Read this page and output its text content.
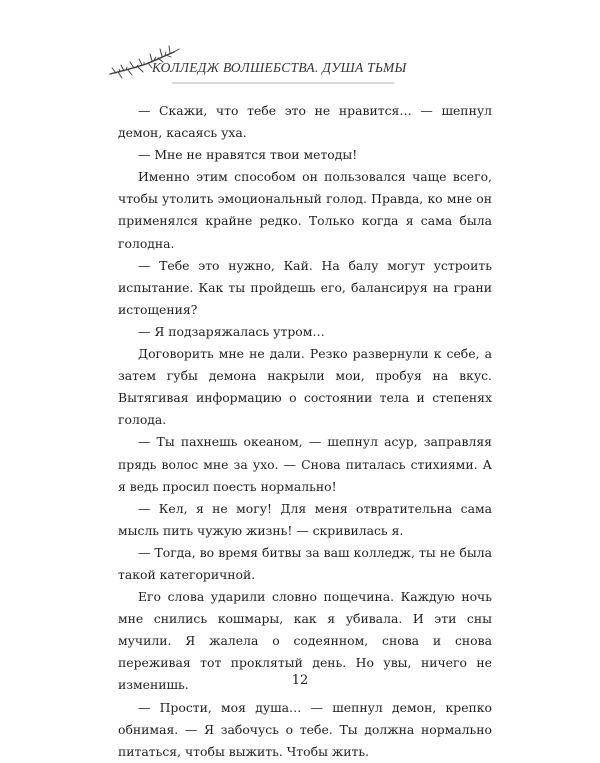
КОЛЛЕДЖ ВОЛШЕБСТВА. ДУША ТЬМЫ

— Скажи, что тебе это не нравится… — шепнул демон, касаясь уха.

— Мне не нравятся твои методы!

Именно этим способом он пользовался чаще всего, чтобы утолить эмоциональный голод. Правда, ко мне он применялся крайне редко. Только когда я сама была голодна.

— Тебе это нужно, Кай. На балу могут устроить испытание. Как ты пройдешь его, балансируя на грани истощения?

— Я подзаряжалась утром…

Договорить мне не дали. Резко развернули к себе, а затем губы демона накрыли мои, пробуя на вкус. Вытягивая информацию о состоянии тела и степенях голода.

— Ты пахнешь океаном, — шепнул асур, заправляя прядь волос мне за ухо. — Снова питалась стихиями. А я ведь просил поесть нормально!

— Кел, я не могу! Для меня отвратительна сама мысль пить чужую жизнь! — скривилась я.

— Тогда, во время битвы за ваш колледж, ты не была такой категоричной.

Его слова ударили словно пощечина. Каждую ночь мне снились кошмары, как я убивала. И эти сны мучили. Я жалела о содеянном, снова и снова переживая тот проклятый день. Но увы, ничего не изменишь.

— Прости, моя душа… — шепнул демон, крепко обнимая. — Я забочусь о тебе. Ты должна нормально питаться, чтобы выжить. Чтобы жить.

12
